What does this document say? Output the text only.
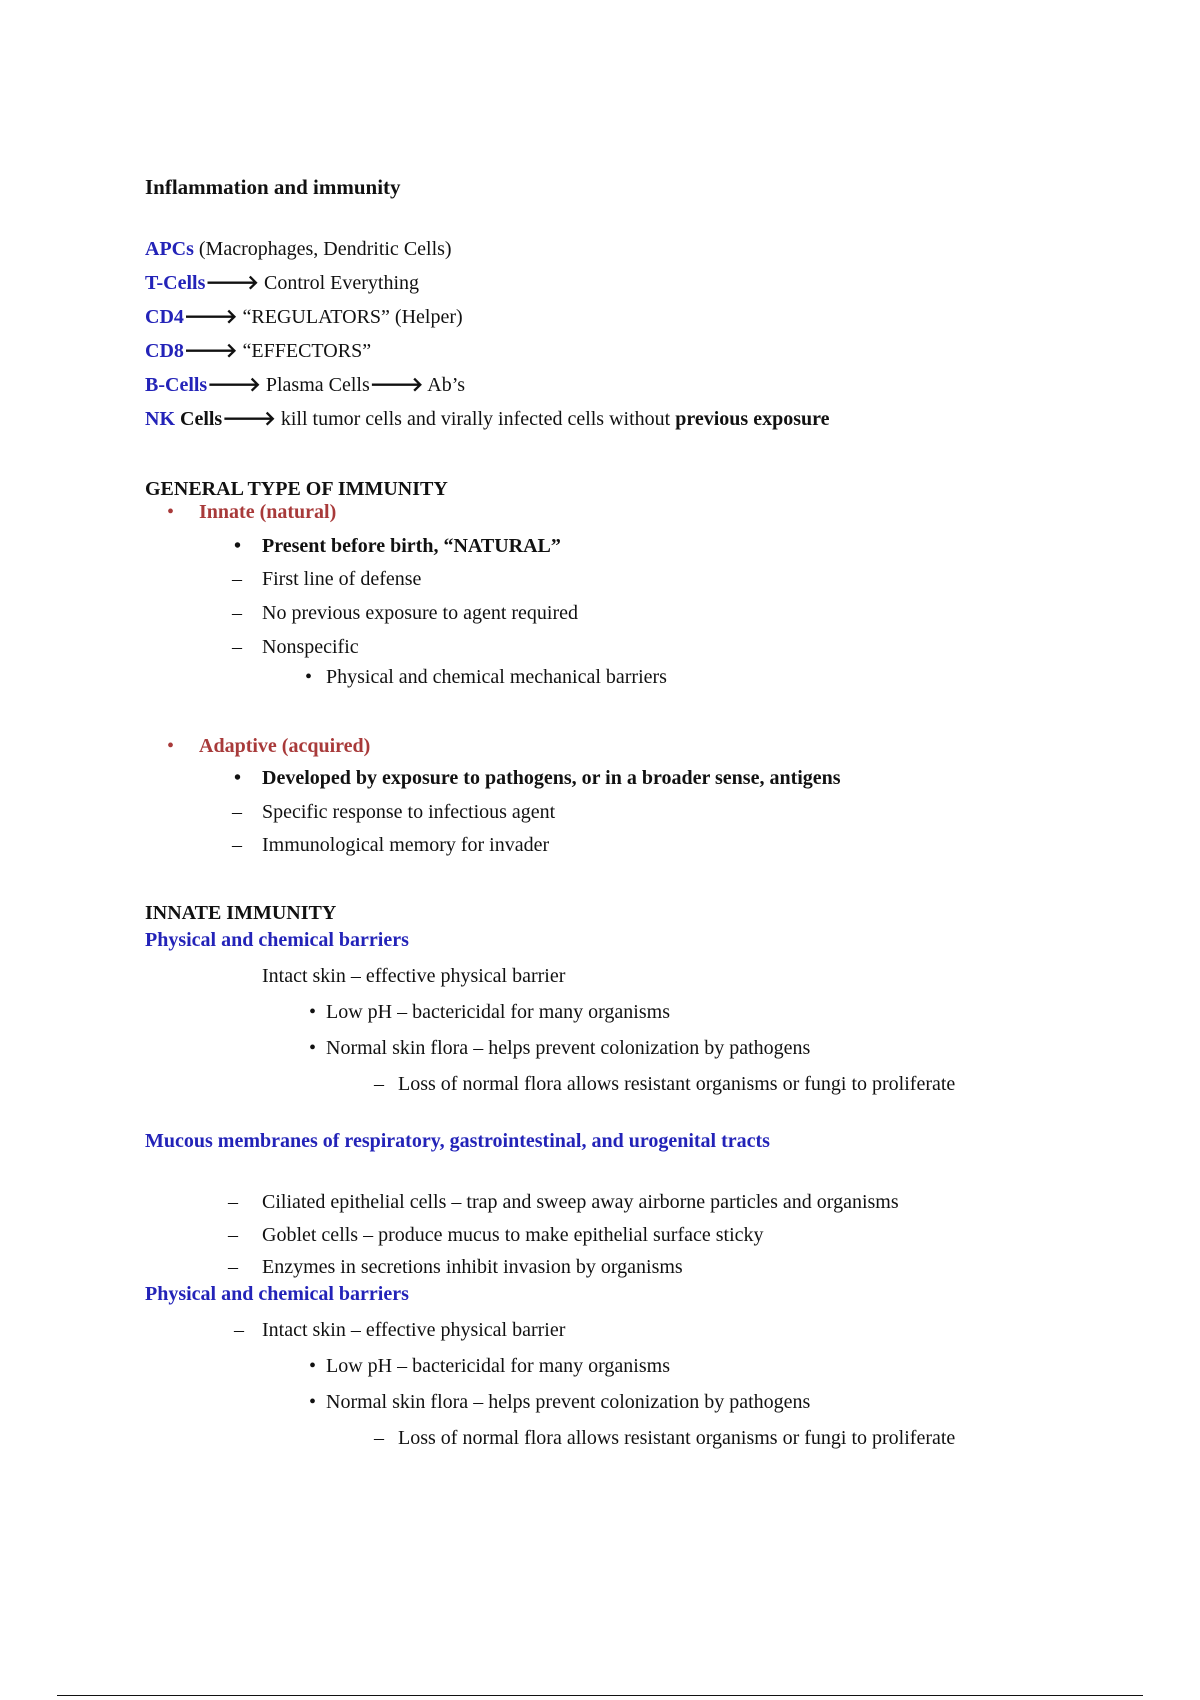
Inflammation and immunity
APCs (Macrophages, Dendritic Cells)
T-Cells🡒 Control Everything
CD4🡒 “REGULATORS” (Helper)
CD8🡒 “EFFECTORS”
B-Cells🡒 Plasma Cells🡒 Ab’s
NK Cells🡒 kill tumor cells and virally infected cells without previous exposure
GENERAL TYPE OF IMMUNITY
• Innate (natural)
• Present before birth, “NATURAL”
– First line of defense
– No previous exposure to agent required
– Nonspecific
• Physical and chemical mechanical barriers
• Adaptive (acquired)
• Developed by exposure to pathogens, or in a broader sense, antigens
– Specific response to infectious agent
– Immunological memory for invader
INNATE IMMUNITY
Physical and chemical barriers
Intact skin – effective physical barrier
• Low pH – bactericidal for many organisms
• Normal skin flora – helps prevent colonization by pathogens
– Loss of normal flora allows resistant organisms or fungi to proliferate
Mucous membranes of respiratory, gastrointestinal, and urogenital tracts
– Ciliated epithelial cells – trap and sweep away airborne particles and organisms
– Goblet cells – produce mucus to make epithelial surface sticky
– Enzymes in secretions inhibit invasion by organisms
Physical and chemical barriers
– Intact skin – effective physical barrier
• Low pH – bactericidal for many organisms
• Normal skin flora – helps prevent colonization by pathogens
– Loss of normal flora allows resistant organisms or fungi to proliferate
